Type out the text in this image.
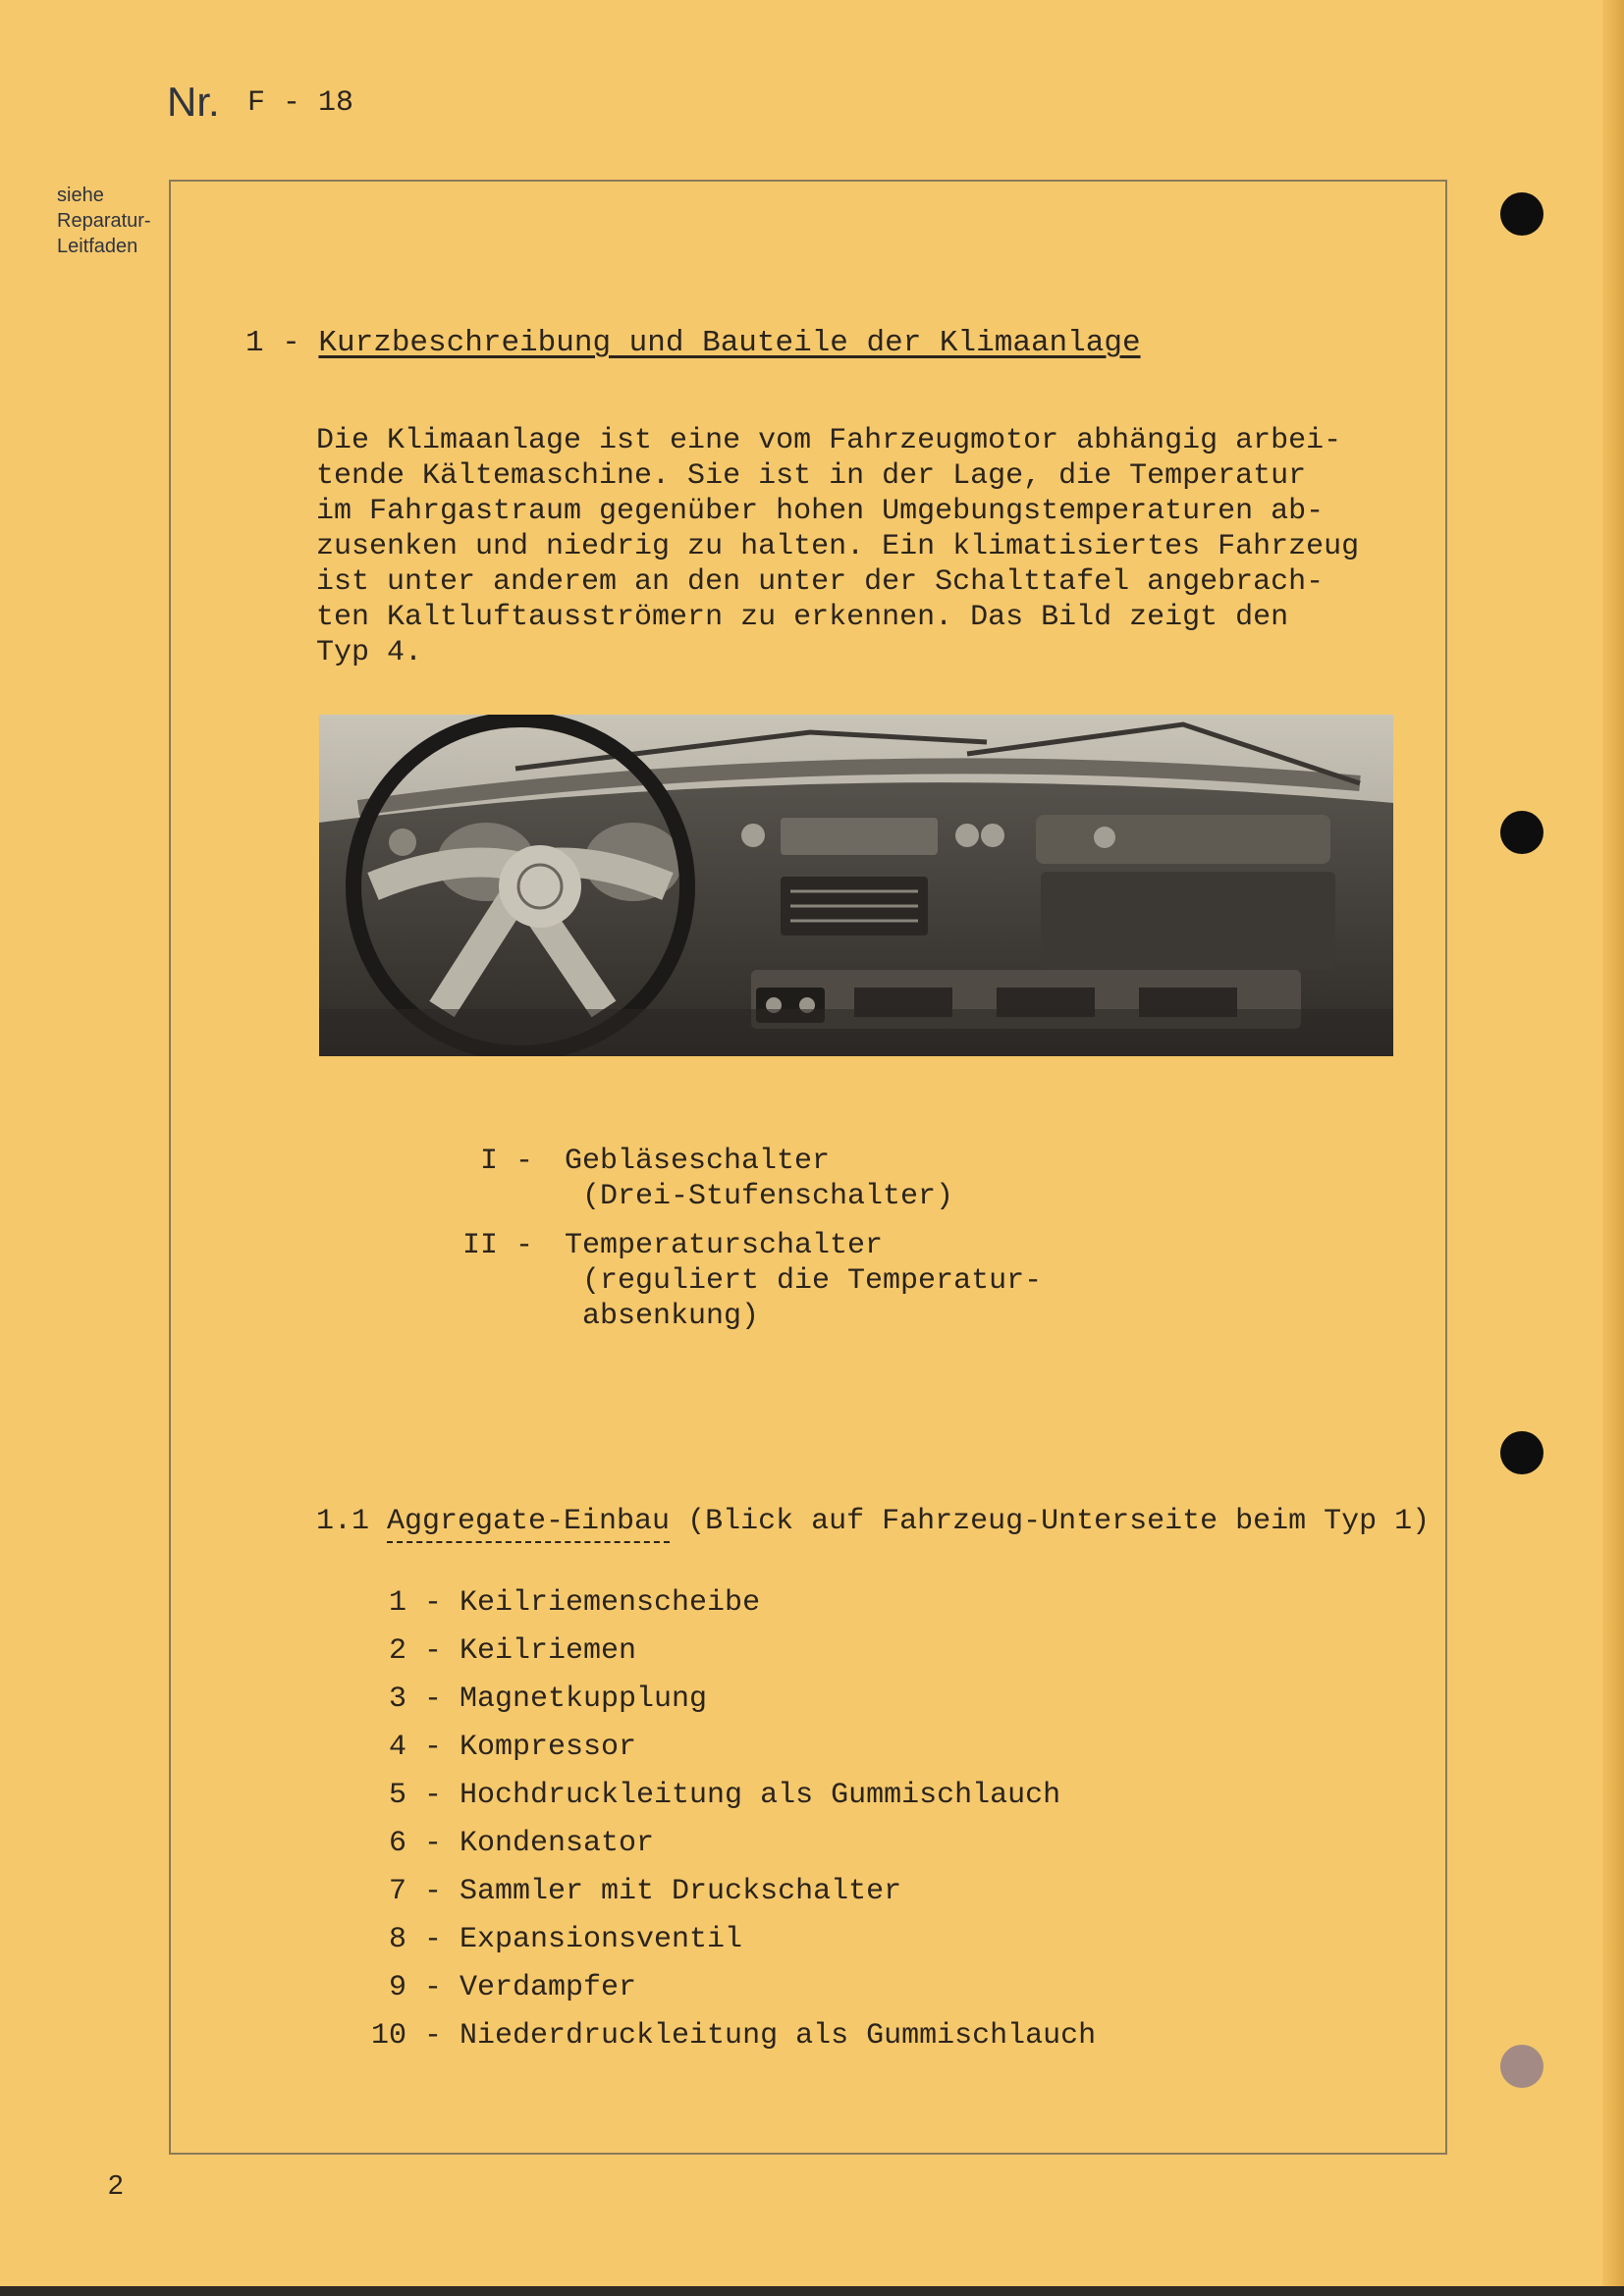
Nr. F - 18
siehe
Reparatur-
Leitfaden
1 - Kurzbeschreibung und Bauteile der Klimaanlage
Die Klimaanlage ist eine vom Fahrzeugmotor abhängig arbei-
tende Kältemaschine. Sie ist in der Lage, die Temperatur
im Fahrgastraum gegenüber hohen Umgebungstemperaturen ab-
zusenken und niedrig zu halten. Ein klimatisiertes Fahrzeug
ist unter anderem an den unter der Schalttafel angebrach-
ten Kaltluftausströmern zu erkennen. Das Bild zeigt den
Typ 4.
I - Gebläseschalter
(Drei-Stufenschalter)
II - Temperaturschalter
(reguliert die Temperatur-
absenkung)
1.1 Aggregate-Einbau (Blick auf Fahrzeug-Unterseite beim Typ 1)
1 - Keilriemenscheibe
2 - Keilriemen
3 - Magnetkupplung
4 - Kompressor
5 - Hochdruckleitung als Gummischlauch
6 - Kondensator
7 - Sammler mit Druckschalter
8 - Expansionsventil
9 - Verdampfer
10 - Niederdruckleitung als Gummischlauch
2
